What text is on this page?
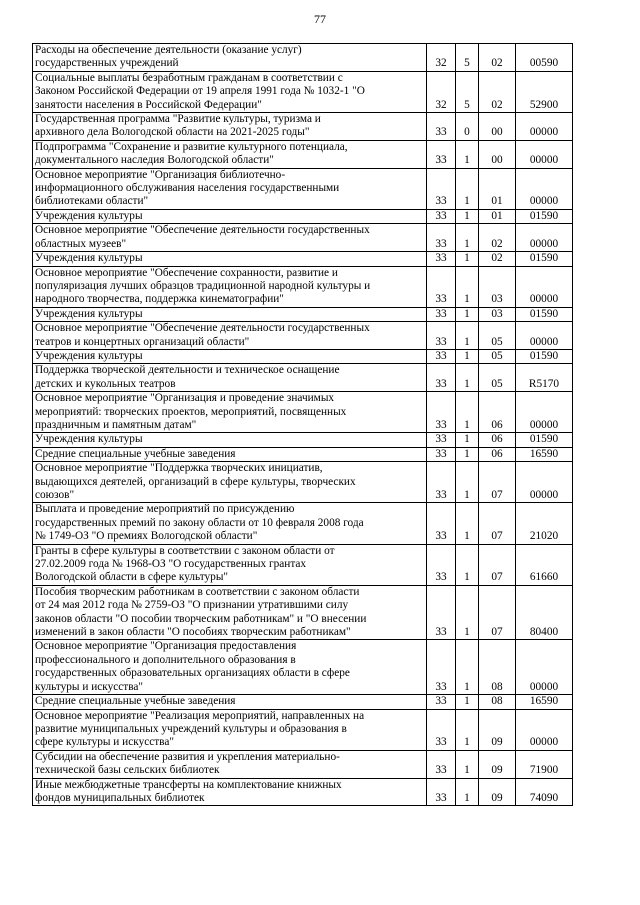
77
Расходы на обеспечение деятельности (оказание услуг)
государственных учреждений	32	5	02	00590

Социальные выплаты безработным гражданам в соответствии с
Законом Российской Федерации от 19 апреля 1991 года № 1032-1 "О
занятости населения в Российской Федерации"	32	5	02	52900

Государственная программа "Развитие культуры, туризма и
архивного дела Вологодской области на 2021-2025 годы"	33	0	00	00000

Подпрограмма "Сохранение и развитие культурного потенциала,
документального наследия Вологодской области"	33	1	00	00000

Основное мероприятие "Организация библиотечно-
информационного обслуживания населения государственными
библиотеками области"	33	1	01	00000

Учреждения культуры	33	1	01	01590

Основное мероприятие "Обеспечение деятельности государственных
областных музеев"	33	1	02	00000

Учреждения культуры	33	1	02	01590

Основное мероприятие "Обеспечение сохранности, развитие и
популяризация лучших образцов традиционной народной культуры и
народного творчества, поддержка кинематографии"	33	1	03	00000

Учреждения культуры	33	1	03	01590

Основное мероприятие "Обеспечение деятельности государственных
театров и концертных организаций области"	33	1	05	00000

Учреждения культуры	33	1	05	01590

Поддержка творческой деятельности и техническое оснащение
детских и кукольных театров	33	1	05	R5170

Основное мероприятие "Организация и проведение значимых
мероприятий: творческих проектов, мероприятий, посвященных
праздничным и памятным датам"	33	1	06	00000

Учреждения культуры	33	1	06	01590

Средние специальные учебные заведения	33	1	06	16590

Основное мероприятие "Поддержка творческих инициатив,
выдающихся деятелей, организаций в сфере культуры, творческих
союзов"	33	1	07	00000

Выплата и проведение мероприятий по присуждению
государственных премий по закону области от 10 февраля 2008 года
№ 1749-ОЗ "О премиях Вологодской области"	33	1	07	21020

Гранты в сфере культуры в соответствии с законом области от
27.02.2009 года № 1968-ОЗ "О государственных грантах
Вологодской области в сфере культуры"	33	1	07	61660

Пособия творческим работникам в соответствии с законом области
от 24 мая 2012 года № 2759-ОЗ "О признании утратившими силу
законов области "О пособии творческим работникам" и "О внесении
изменений в закон области "О пособиях творческим работникам"	33	1	07	80400

Основное мероприятие "Организация предоставления
профессионального и дополнительного образования в
государственных образовательных организациях области в сфере
культуры и искусства"	33	1	08	00000

Средние специальные учебные заведения	33	1	08	16590

Основное мероприятие "Реализация мероприятий, направленных на
развитие муниципальных учреждений культуры и образования в
сфере культуры и искусства"	33	1	09	00000

Субсидии на обеспечение развития и укрепления материально-
технической базы сельских библиотек	33	1	09	71900

Иные межбюджетные трансферты на комплектование книжных
фондов муниципальных библиотек	33	1	09	74090
